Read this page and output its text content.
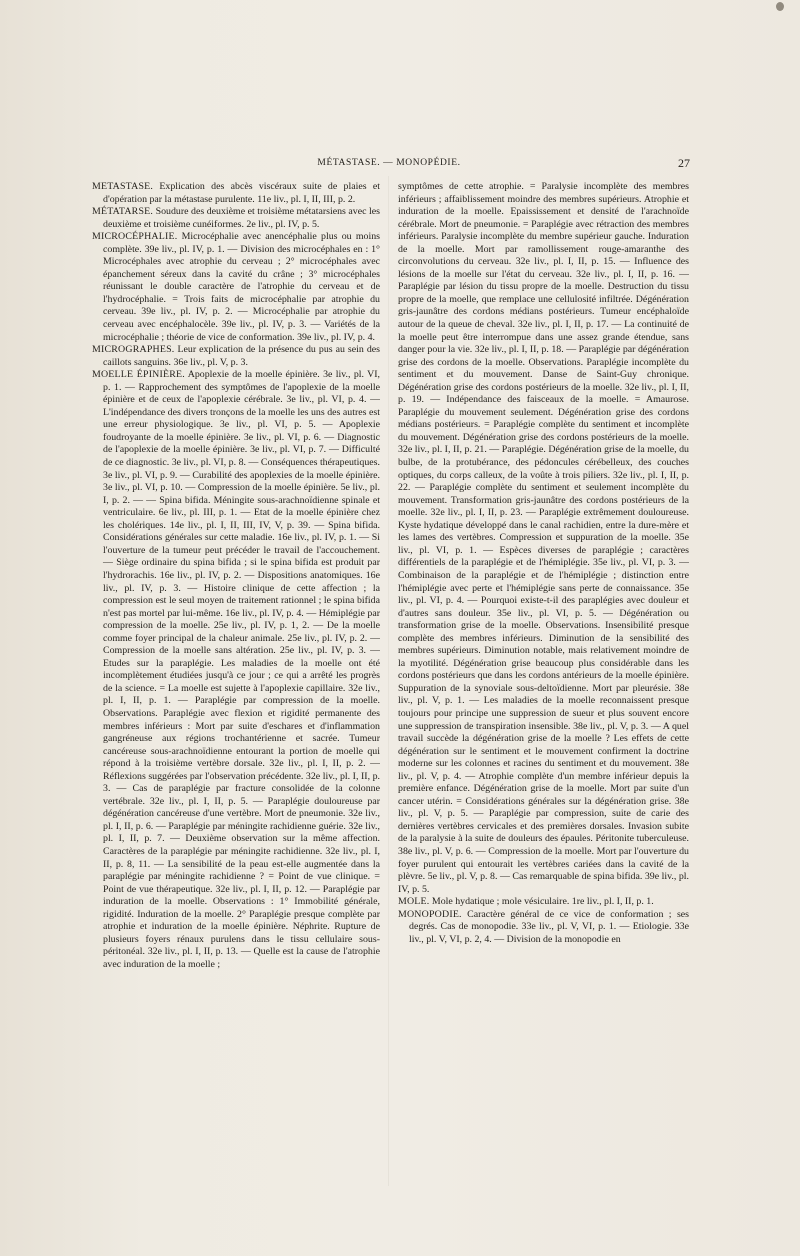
MÉTASTASE. — MONOPÉDIE.	27

METASTASE. Explication des abcès viscéraux suite de plaies et d'opération par la métastase purulente. 11e liv., pl. I, II, III, p. 2.

MÉTATARSE. Soudure des deuxième et troisième métatarsiens avec les deuxième et troisième cunéiformes. 2e liv., pl. IV, p. 5.

MICROCÉPHALIE. Microcéphalie avec anencéphalie plus ou moins complète. 39e liv., pl. IV, p. 1. — Division des microcéphales en : 1° Microcéphales avec atrophie du cerveau ; 2° microcéphales avec épanchement séreux dans la cavité du crâne ; 3° microcéphales réunissant le double caractère de l'atrophie du cerveau et de l'hydrocéphalie. = Trois faits de microcéphalie par atrophie du cerveau. 39e liv., pl. IV, p. 2. — Microcéphalie par atrophie du cerveau avec encéphalocèle. 39e liv., pl. IV, p. 3. — Variétés de la microcéphalie ; théorie de vice de conformation. 39e liv., pl. IV, p. 4.

MICROGRAPHES. Leur explication de la présence du pus au sein des caillots sanguins. 36e liv., pl. V, p. 3.

MOELLE ÉPINIÈRE. Apoplexie de la moelle épinière. 3e liv., pl. VI, p. 1. — Rapprochement des symptômes de l'apoplexie de la moelle épinière et de ceux de l'apoplexie cérébrale. 3e liv., pl. VI, p. 4. — L'indépendance des divers tronçons de la moelle les uns des autres est une erreur physiologique. 3e liv., pl. VI, p. 5. — Apoplexie foudroyante de la moelle épinière. 3e liv., pl. VI, p. 6. — Diagnostic de l'apoplexie de la moelle épinière. 3e liv., pl. VI, p. 7. — Difficulté de ce diagnostic. 3e liv., pl. VI, p. 8. — Conséquences thérapeutiques. 3e liv., pl. VI, p. 9. — Curabilité des apoplexies de la moelle épinière. 3e liv., pl. VI, p. 10. — Compression de la moelle épinière. 5e liv., pl. I, p. 2. — — Spina bifida. Méningite sous-arachnoïdienne spinale et ventriculaire. 6e liv., pl. III, p. 1. — Etat de la moelle épinière chez les cholériques. 14e liv., pl. I, II, III, IV, V, p. 39. — Spina bifida. Considérations générales sur cette maladie. 16e liv., pl. IV, p. 1. — Si l'ouverture de la tumeur peut précéder le travail de l'accouchement. — Siège ordinaire du spina bifida ; si le spina bifida est produit par l'hydrorachis. 16e liv., pl. IV, p. 2. — Dispositions anatomiques. 16e liv., pl. IV, p. 3. — Histoire clinique de cette affection ; la compression est le seul moyen de traitement rationnel ; le spina bifida n'est pas mortel par lui-même. 16e liv., pl. IV, p. 4. — Hémiplégie par compression de la moelle. 25e liv., pl. IV, p. 1, 2. — De la moelle comme foyer principal de la chaleur animale. 25e liv., pl. IV, p. 2. — Compression de la moelle sans altération. 25e liv., pl. IV, p. 3. — Etudes sur la paraplégie. Les maladies de la moelle ont été incomplètement étudiées jusqu'à ce jour ; ce qui a arrêté les progrès de la science. = La moelle est sujette à l'apoplexie capillaire. 32e liv., pl. I, II, p. 1. — Paraplégie par compression de la moelle. Observations. Paraplégie avec flexion et rigidité permanente des membres inférieurs : Mort par suite d'eschares et d'inflammation gangréneuse aux régions trochantérienne et sacrée. Tumeur cancéreuse sous-arachnoïdienne entourant la portion de moelle qui répond à la troisième vertèbre dorsale. 32e liv., pl. I, II, p. 2. — Réflexions suggérées par l'observation précédente. 32e liv., pl. I, II, p. 3. — Cas de paraplégie par fracture consolidée de la colonne vertébrale. 32e liv., pl. I, II, p. 5. — Paraplégie douloureuse par dégénération cancéreuse d'une vertèbre. Mort de pneumonie. 32e liv., pl. I, II, p. 6. — Paraplégie par méningite rachidienne guérie. 32e liv., pl. I, II, p. 7. — Deuxième observation sur la même affection. Caractères de la paraplégie par méningite rachidienne. 32e liv., pl. I, II, p. 8, 11. — La sensibilité de la peau est-elle augmentée dans la paraplégie par méningite rachidienne ? = Point de vue clinique. = Point de vue thérapeutique. 32e liv., pl. I, II, p. 12. — Paraplégie par induration de la moelle. Observations : 1° Immobilité générale, rigidité. Induration de la moelle. 2° Paraplégie presque complète par atrophie et induration de la moelle épinière. Néphrite. Rupture de plusieurs foyers rénaux purulens dans le tissu cellulaire sous-péritonéal. 32e liv., pl. I, II, p. 13. — Quelle est la cause de l'atrophie avec induration de la moelle ;

symptômes de cette atrophie. = Paralysie incomplète des membres inférieurs ; affaiblissement moindre des membres supérieurs. Atrophie et induration de la moelle. Epaississement et densité de l'arachnoïde cérébrale. Mort de pneumonie. = Paraplégie avec rétraction des membres inférieurs. Paralysie incomplète du membre supérieur gauche. Induration de la moelle. Mort par ramollissement rouge-amaranthe des circonvolutions du cerveau. 32e liv., pl. I, II, p. 15. — Influence des lésions de la moelle sur l'état du cerveau. 32e liv., pl. I, II, p. 16. — Paraplégie par lésion du tissu propre de la moelle. Destruction du tissu propre de la moelle, que remplace une cellulosité infiltrée. Dégénération gris-jaunâtre des cordons médians postérieurs. Tumeur encéphaloïde autour de la queue de cheval. 32e liv., pl. I, II, p. 17. — La continuité de la moelle peut être interrompue dans une assez grande étendue, sans danger pour la vie. 32e liv., pl. I, II, p. 18. — Paraplégie par dégénération grise des cordons de la moelle. Observations. Paraplégie incomplète du sentiment et du mouvement. Danse de Saint-Guy chronique. Dégénération grise des cordons postérieurs de la moelle. 32e liv., pl. I, II, p. 19. — Indépendance des faisceaux de la moelle. = Amaurose. Paraplégie du mouvement seulement. Dégénération grise des cordons médians postérieurs. = Paraplégie complète du sentiment et incomplète du mouvement. Dégénération grise des cordons postérieurs de la moelle. 32e liv., pl. I, II, p. 21. — Paraplégie. Dégénération grise de la moelle, du bulbe, de la protubérance, des pédoncules cérébelleux, des couches optiques, du corps calleux, de la voûte à trois piliers. 32e liv., pl. I, II, p. 22. — Paraplégie complète du sentiment et seulement incomplète du mouvement. Transformation gris-jaunâtre des cordons postérieurs de la moelle. 32e liv., pl. I, II, p. 23. — Paraplégie extrêmement douloureuse. Kyste hydatique développé dans le canal rachidien, entre la dure-mère et les lames des vertèbres. Compression et suppuration de la moelle. 35e liv., pl. VI, p. 1. — Espèces diverses de paraplégie ; caractères différentiels de la paraplégie et de l'hémiplégie. 35e liv., pl. VI, p. 3. — Combinaison de la paraplégie et de l'hémiplégie ; distinction entre l'hémiplégie avec perte et l'hémiplégie sans perte de connaissance. 35e liv., pl. VI, p. 4. — Pourquoi existe-t-il des paraplégies avec douleur et d'autres sans douleur. 35e liv., pl. VI, p. 5. — Dégénération ou transformation grise de la moelle. Observations. Insensibilité presque complète des membres inférieurs. Diminution de la sensibilité des membres supérieurs. Diminution notable, mais relativement moindre de la myotilité. Dégénération grise beaucoup plus considérable dans les cordons postérieurs que dans les cordons antérieurs de la moelle épinière. Suppuration de la synoviale sous-deltoïdienne. Mort par pleurésie. 38e liv., pl. V, p. 1. — Les maladies de la moelle reconnaissent presque toujours pour principe une suppression de sueur et plus souvent encore une suppression de transpiration insensible. 38e liv., pl. V, p. 3. — A quel travail succède la dégénération grise de la moelle ? Les effets de cette dégénération sur le sentiment et le mouvement confirment la doctrine moderne sur les colonnes et racines du sentiment et du mouvement. 38e liv., pl. V, p. 4. — Atrophie complète d'un membre inférieur depuis la première enfance. Dégénération grise de la moelle. Mort par suite d'un cancer utérin. = Considérations générales sur la dégénération grise. 38e liv., pl. V, p. 5. — Paraplégie par compression, suite de carie des dernières vertèbres cervicales et des premières dorsales. Invasion subite de la paralysie à la suite de douleurs des épaules. Péritonite tuberculeuse. 38e liv., pl. V, p. 6. — Compression de la moelle. Mort par l'ouverture du foyer purulent qui entourait les vertèbres cariées dans la cavité de la plèvre. 5e liv., pl. V, p. 8. — Cas remarquable de spina bifida. 39e liv., pl. IV, p. 5.

MOLE. Mole hydatique ; mole vésiculaire. 1re liv., pl. I, II, p. 1.

MONOPODIE. Caractère général de ce vice de conformation ; ses degrés. Cas de monopodie. 33e liv., pl. V, VI, p. 1. — Etiologie. 33e liv., pl. V, VI, p. 2, 4. — Division de la monopodie en
